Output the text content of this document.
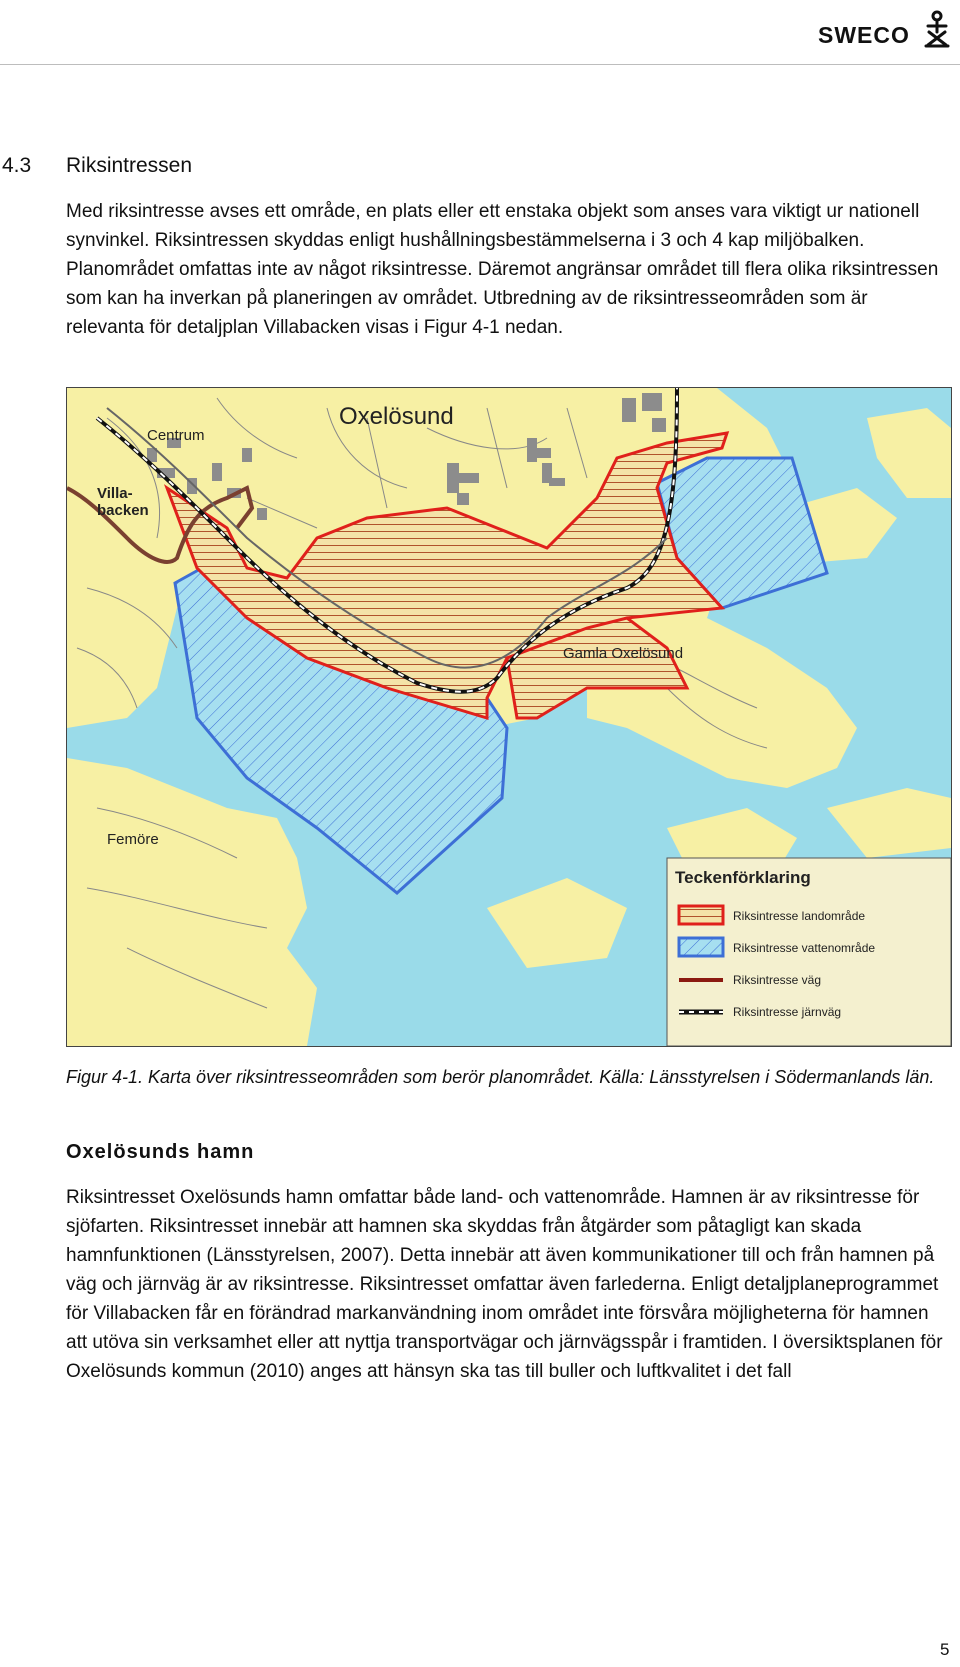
SWECO
4.3 Riksintressen

Med riksintresse avses ett område, en plats eller ett enstaka objekt som anses vara viktigt ur nationell synvinkel. Riksintressen skyddas enligt hushållningsbestämmelserna i 3 och 4 kap miljöbalken. Planområdet omfattas inte av något riksintresse. Däremot angränsar området till flera olika riksintressen som kan ha inverkan på planeringen av området. Utbredning av de riksintresseområden som är relevanta för detaljplan Villabacken visas i Figur 4-1 nedan.

Oxelösund
Centrum
Villa-
backen
Gamla Oxelösund
Femöre
Teckenförklaring
Riksintresse landområde
Riksintresse vattenområde
Riksintresse väg
Riksintresse järnväg

Figur 4-1. Karta över riksintresseområden som berör planområdet. Källa: Länsstyrelsen i Södermanlands län.

Oxelösunds hamn

Riksintresset Oxelösunds hamn omfattar både land- och vattenområde. Hamnen är av riksintresse för sjöfarten. Riksintresset innebär att hamnen ska skyddas från åtgärder som påtagligt kan skada hamnfunktionen (Länsstyrelsen, 2007). Detta innebär att även kommunikationer till och från hamnen på väg och järnväg är av riksintresse. Riksintresset omfattar även farlederna. Enligt detaljplaneprogrammet för Villabacken får en förändrad markanvändning inom området inte försvåra möjligheterna för hamnen att utöva sin verksamhet eller att nyttja transportvägar och järnvägsspår i framtiden. I översiktsplanen för Oxelösunds kommun (2010) anges att hänsyn ska tas till buller och luftkvalitet i det fall

5
